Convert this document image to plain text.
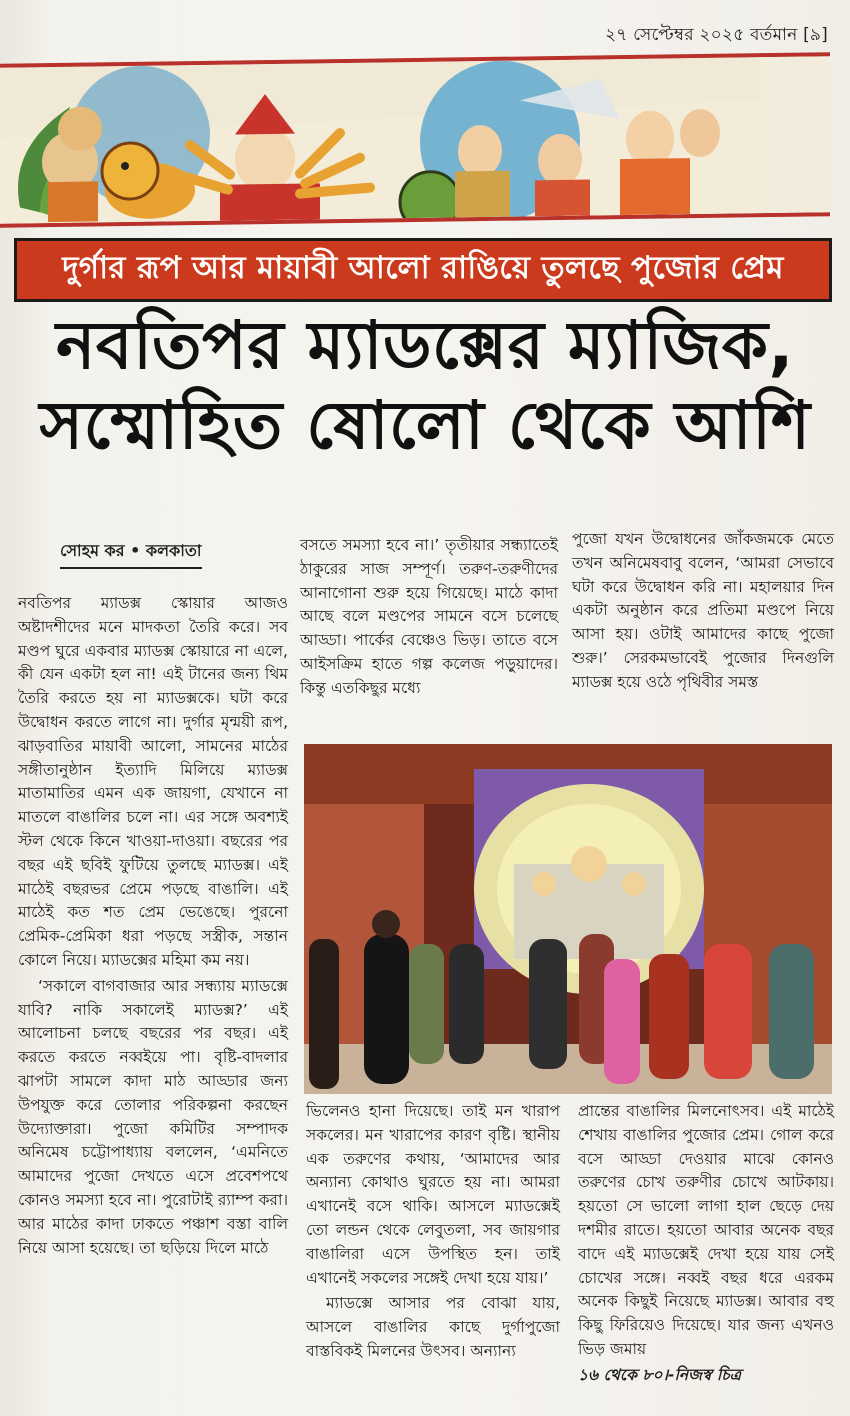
২৭ সেপ্টেম্বর ২০২৫ বর্তমান [৯]
দুর্গার রূপ আর মায়াবী আলো রাঙিয়ে তুলছে পুজোর প্রেম
নবতিপর ম্যাডক্সের ম্যাজিক,
সম্মোহিত ষোলো থেকে আশি
সোহম কর • কলকাতা

নবতিপর ম্যাডক্স স্কোয়ার আজও অষ্টাদশীদের মনে মাদকতা তৈরি করে। সব মণ্ডপ ঘুরে একবার ম্যাডক্স স্কোয়ারে না এলে, কী যেন একটা হল না! এই টানের জন্য থিম তৈরি করতে হয় না ম্যাডক্সকে। ঘটা করে উদ্বোধন করতে লাগে না। দুর্গার মৃন্ময়ী রূপ, ঝাড়বাতির মায়াবী আলো, সামনের মাঠের সঙ্গীতানুষ্ঠান ইত্যাদি মিলিয়ে ম্যাডক্স মাতামাতির এমন এক জায়গা, যেখানে না মাতলে বাঙালির চলে না। এর সঙ্গে অবশ্যই স্টল থেকে কিনে খাওয়া-দাওয়া। বছরের পর বছর এই ছবিই ফুটিয়ে তুলছে ম্যাডক্স। এই মাঠেই বছরভর প্রেমে পড়ছে বাঙালি। এই মাঠেই কত শত প্রেম ভেঙেছে। পুরনো প্রেমিক-প্রেমিকা ধরা পড়ছে সস্ত্রীক, সন্তান কোলে নিয়ে। ম্যাডক্সের মহিমা কম নয়।

‘সকালে বাগবাজার আর সন্ধ্যায় ম্যাডক্সে যাবি? নাকি সকালেই ম্যাডক্স?’ এই আলোচনা চলছে বছরের পর বছর। এই করতে করতে নব্বইয়ে পা। বৃষ্টি-বাদলার ঝাপটা সামলে কাদা মাঠ আড্ডার জন্য উপযুক্ত করে তোলার পরিকল্পনা করছেন উদ্যোক্তারা। পুজো কমিটির সম্পাদক অনিমেষ চট্টোপাধ্যায় বললেন, ‘এমনিতে আমাদের পুজো দেখতে এসে প্রবেশপথে কোনও সমস্যা হবে না। পুরোটাই র‍্যাম্প করা। আর মাঠের কাদা ঢাকতে পঞ্চাশ বস্তা বালি নিয়ে আসা হয়েছে। তা ছড়িয়ে দিলে মাঠে

বসতে সমস্যা হবে না।’ তৃতীয়ার সন্ধ্যাতেই ঠাকুরের সাজ সম্পূর্ণ। তরুণ-তরুণীদের আনাগোনা শুরু হয়ে গিয়েছে। মাঠে কাদা আছে বলে মণ্ডপের সামনে বসে চলেছে আড্ডা। পার্কের বেঞ্চেও ভিড়। তাতে বসে আইসক্রিম হাতে গল্প কলেজ পড়ুয়াদের। কিন্তু এতকিছুর মধ্যে

পুজো যখন উদ্বোধনের জাঁকজমকে মেতে তখন অনিমেষবাবু বলেন, ‘আমরা সেভাবে ঘটা করে উদ্বোধন করি না। মহালয়ার দিন একটা অনুষ্ঠান করে প্রতিমা মণ্ডপে নিয়ে আসা হয়। ওটাই আমাদের কাছে পুজো শুরু।’ সেরকমভাবেই পুজোর দিনগুলি ম্যাডক্স হয়ে ওঠে পৃথিবীর সমস্ত

ভিলেনও হানা দিয়েছে। তাই মন খারাপ সকলের। মন খারাপের কারণ বৃষ্টি। স্থানীয় এক তরুণের কথায়, ‘আমাদের আর অন্যান্য কোথাও ঘুরতে হয় না। আমরা এখানেই বসে থাকি। আসলে ম্যাডক্সেই তো লন্ডন থেকে লেবুতলা, সব জায়গার বাঙালিরা এসে উপস্থিত হন। তাই এখানেই সকলের সঙ্গেই দেখা হয়ে যায়।’

ম্যাডক্সে আসার পর বোঝা যায়, আসলে বাঙালির কাছে দুর্গাপুজো বাস্তবিকই মিলনের উৎসব। অন্যান্য

প্রান্তের বাঙালির মিলনোৎসব। এই মাঠেই শেখায় বাঙালির পুজোর প্রেম। গোল করে বসে আড্ডা দেওয়ার মাঝে কোনও তরুণের চোখ তরুণীর চোখে আটকায়। হয়তো সে ভালো লাগা হাল ছেড়ে দেয় দশমীর রাতে। হয়তো আবার অনেক বছর বাদে এই ম্যাডক্সেই দেখা হয়ে যায় সেই চোখের সঙ্গে। নব্বই বছর ধরে এরকম অনেক কিছুই নিয়েছে ম্যাডক্স। আবার বহু কিছু ফিরিয়েও দিয়েছে। যার জন্য এখনও ভিড় জমায়

১৬ থেকে ৮০।-নিজস্ব চিত্র
